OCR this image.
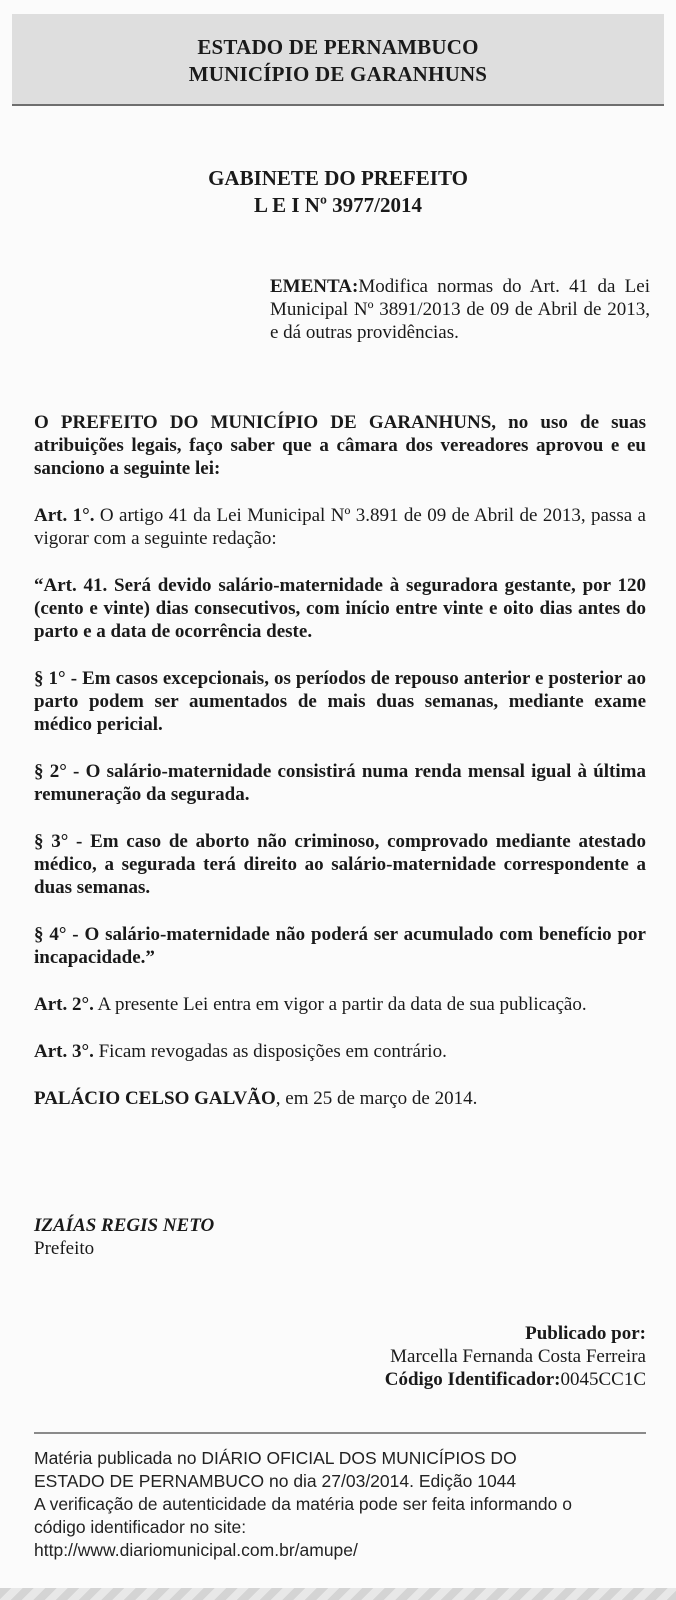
ESTADO DE PERNAMBUCO
MUNICÍPIO DE GARANHUNS
GABINETE DO PREFEITO
L E I Nº 3977/2014
EMENTA:Modifica normas do Art. 41 da Lei Municipal Nº 3891/2013 de 09 de Abril de 2013, e dá outras providências.

O PREFEITO DO MUNICÍPIO DE GARANHUNS, no uso de suas atribuições legais, faço saber que a câmara dos vereadores aprovou e eu sanciono a seguinte lei:

Art. 1°. O artigo 41 da Lei Municipal Nº 3.891 de 09 de Abril de 2013, passa a vigorar com a seguinte redação:

“Art. 41. Será devido salário-maternidade à seguradora gestante, por 120 (cento e vinte) dias consecutivos, com início entre vinte e oito dias antes do parto e a data de ocorrência deste.

§ 1° - Em casos excepcionais, os períodos de repouso anterior e posterior ao parto podem ser aumentados de mais duas semanas, mediante exame médico pericial.

§ 2° - O salário-maternidade consistirá numa renda mensal igual à última remuneração da segurada.

§ 3° - Em caso de aborto não criminoso, comprovado mediante atestado médico, a segurada terá direito ao salário-maternidade correspondente a duas semanas.

§ 4° - O salário-maternidade não poderá ser acumulado com benefício por incapacidade.”

Art. 2°. A presente Lei entra em vigor a partir da data de sua publicação.

Art. 3°. Ficam revogadas as disposições em contrário.

PALÁCIO CELSO GALVÃO, em 25 de março de 2014.

IZAÍAS REGIS NETO
Prefeito
Publicado por:
Marcella Fernanda Costa Ferreira
Código Identificador:0045CC1C
Matéria publicada no DIÁRIO OFICIAL DOS MUNICÍPIOS DO
ESTADO DE PERNAMBUCO no dia 27/03/2014. Edição 1044
A verificação de autenticidade da matéria pode ser feita informando o
código identificador no site:
http://www.diariomunicipal.com.br/amupe/
